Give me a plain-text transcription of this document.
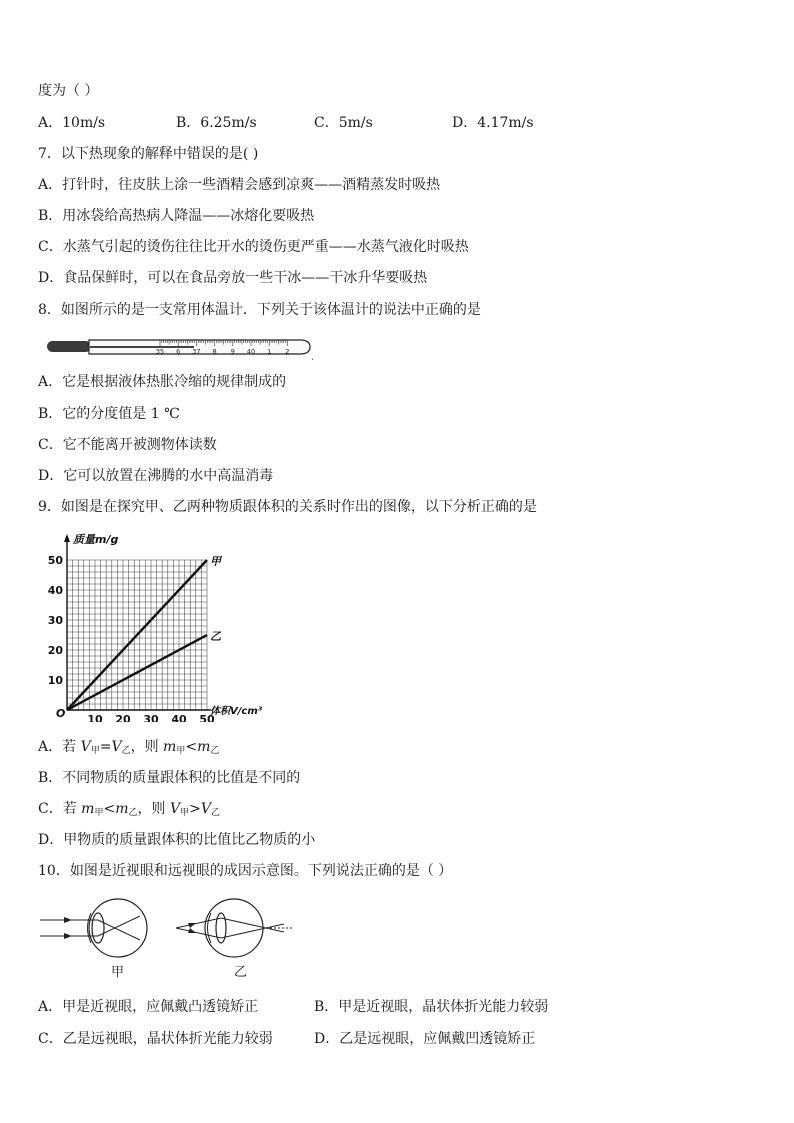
度为（ ）
A．10m/s	B．6.25m/s	C．5m/s	D．4.17m/s
7．以下热现象的解释中错误的是( )
A．打针时，往皮肤上涂一些酒精会感到凉爽——酒精蒸发时吸热
B．用冰袋给高热病人降温——冰熔化要吸热
C．水蒸气引起的烫伤往往比开水的烫伤更严重——水蒸气液化时吸热
D．食品保鲜时，可以在食品旁放一些干冰——干冰升华要吸热
8．如图所示的是一支常用体温计．下列关于该体温计的说法中正确的是
35 6 37 8 9 40 1 2
.
A．它是根据液体热胀冷缩的规律制成的
B．它的分度值是 1 ℃
C．它不能离开被测物体读数
D．它可以放置在沸腾的水中高温消毒
9．如图是在探究甲、乙两种物质跟体积的关系时作出的图像，以下分析正确的是
质量m/g
体积V/cm³
O 10 20 30 40 50
10
20
30
40
50	甲
乙
A．若 $V_甲=V_乙$，则 $m_甲<m_乙$
B．不同物质的质量跟体积的比值是不同的
C．若 $m_甲<m_乙$，则 $V_甲>V_乙$
D．甲物质的质量跟体积的比值比乙物质的小
10．如图是近视眼和远视眼的成因示意图。下列说法正确的是（ ）
甲	乙
A．甲是近视眼，应佩戴凸透镜矫正	B．甲是近视眼，晶状体折光能力较弱
C．乙是远视眼，晶状体折光能力较弱	D．乙是远视眼，应佩戴凹透镜矫正
